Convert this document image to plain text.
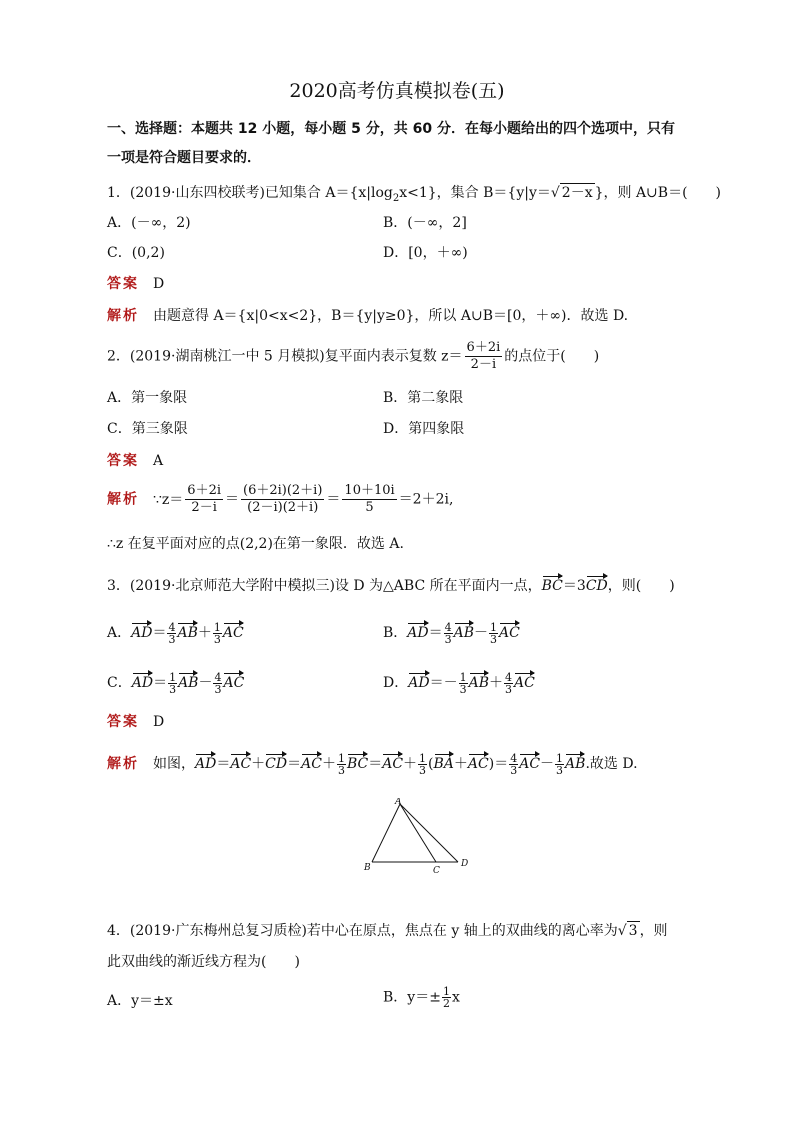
2020高考仿真模拟卷(五)
一、选择题：本题共 12 小题，每小题 5 分，共 60 分．在每小题给出的四个选项中，只有
一项是符合题目要求的．
1．(2019·山东四校联考)已知集合 $A=\{x|\log_2x<1\}$，集合 B＝{y|y＝√ 2－x }，则 A∪B＝(　　)
A．(－∞，2)	B．(－∞，2]
C．(0,2)	D．[0，＋∞)
答案 D
解析 由题意得 A＝{x|0<x<2}，B＝{y|y≥0}，所以 A∪B＝[0，＋∞)．故选 D.
2．(2019·湖南桃江一中 5 月模拟)复平面内表示复数 $z= \frac{6+2i}{2-i}$ 的点位于(　　)
A．第一象限	B．第二象限
C．第三象限	D．第四象限
答案 A
解析 ∵z＝ $\frac{6+2i}{2-i} = \frac{(6+2i)(2+i)}{(2-i)(2+i)} = \frac{10+10i}{5} =2+2i$,
∴z 在复平面对应的点(2,2)在第一象限．故选 A.
3．(2019·北京师范大学附中模拟三)设 D 为△ABC 所在平面内一点，BC＝3CD，则(　　)
A．$AD= \frac{4}{3} AB+ \frac{1}{3}$ AC	B．$AD= \frac{4}{3} AB- \frac{1}{3}$ AC
C．$AD= \frac{1}{3} AB- \frac{4}{3}$ AC	D．$AD=- \frac{1}{3} AB+ \frac{4}{3}$ AC
答案 D
解析 如图，$AD=AC+CD=AC+ \frac{1}{3} BC=AC+ \frac{1}{3} (BA+AC)= \frac{4}{3} AC- \frac{1}{3}$ AB.故选 D.
A
B	C
D
4．(2019·广东梅州总复习质检)若中心在原点，焦点在 y 轴上的双曲线的离心率为√ 3 ，则
此双曲线的渐近线方程为(　　)
A．y＝±x	B．$y=\pm \frac{1}{2}$ x
